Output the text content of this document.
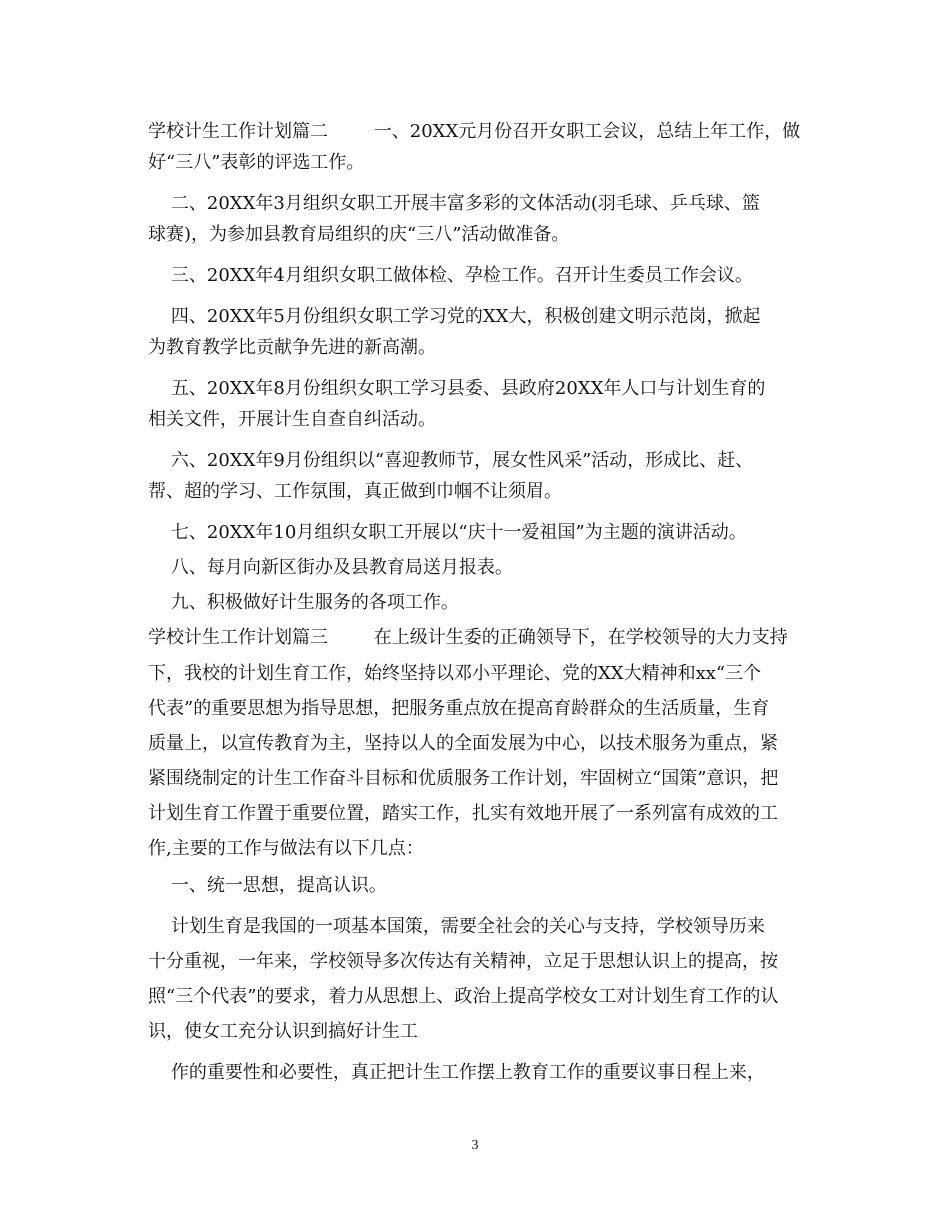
学校计生工作计划篇二        一、20XX元月份召开女职工会议，总结上年工作，做
好“三八”表彰的评选工作。
二、20XX年3月组织女职工开展丰富多彩的文体活动(羽毛球、乒乓球、篮
球赛)，为参加县教育局组织的庆“三八”活动做准备。
三、20XX年4月组织女职工做体检、孕检工作。召开计生委员工作会议。
四、20XX年5月份组织女职工学习党的XX大，积极创建文明示范岗，掀起
为教育教学比贡献争先进的新高潮。
五、20XX年8月份组织女职工学习县委、县政府20XX年人口与计划生育的
相关文件，开展计生自查自纠活动。
六、20XX年9月份组织以“喜迎教师节，展女性风采”活动，形成比、赶、
帮、超的学习、工作氛围，真正做到巾帼不让须眉。
七、20XX年10月组织女职工开展以“庆十一爱祖国”为主题的演讲活动。
八、每月向新区街办及县教育局送月报表。
九、积极做好计生服务的各项工作。
学校计生工作计划篇三        在上级计生委的正确领导下，在学校领导的大力支持
下，我校的计划生育工作，始终坚持以邓小平理论、党的XX大精神和xx“三个
代表”的重要思想为指导思想，把服务重点放在提高育龄群众的生活质量，生育
质量上，以宣传教育为主，坚持以人的全面发展为中心，以技术服务为重点，紧
紧围绕制定的计生工作奋斗目标和优质服务工作计划，牢固树立“国策”意识，把
计划生育工作置于重要位置，踏实工作，扎实有效地开展了一系列富有成效的工
作,主要的工作与做法有以下几点：
一、统一思想，提高认识。
计划生育是我国的一项基本国策，需要全社会的关心与支持，学校领导历来
十分重视，一年来，学校领导多次传达有关精神，立足于思想认识上的提高，按
照“三个代表”的要求，着力从思想上、政治上提高学校女工对计划生育工作的认
识，使女工充分认识到搞好计生工
作的重要性和必要性，真正把计生工作摆上教育工作的重要议事日程上来，
3
